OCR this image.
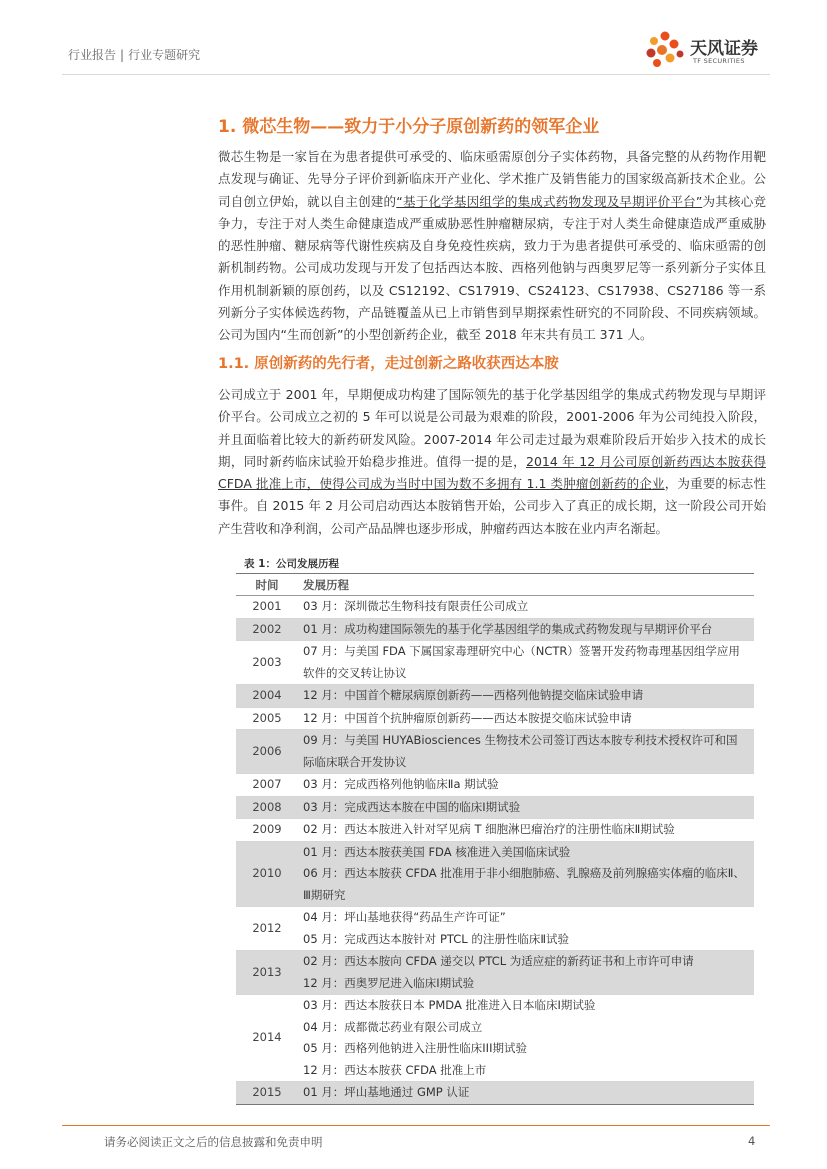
行业报告 | 行业专题研究	天风证券
TF SECURITIES
1. 微芯生物——致力于小分子原创新药的领军企业

微芯生物是一家旨在为患者提供可承受的、临床亟需原创分子实体药物，具备完整的从药物作用靶点发现与确证、先导分子评价到新临床开产业化、学术推广及销售能力的国家级高新技术企业。公司自创立伊始，就以自主创建的“基于化学基因组学的集成式药物发现及早期评价平台”为其核心竞争力，专注于对人类生命健康造成严重威胁恶性肿瘤糖尿病，专注于对人类生命健康造成严重威胁的恶性肿瘤、糖尿病等代谢性疾病及自身免疫性疾病，致力于为患者提供可承受的、临床亟需的创新机制药物。公司成功发现与开发了包括西达本胺、西格列他钠与西奥罗尼等一系列新分子实体且作用机制新颖的原创药，以及 CS12192、CS17919、CS24123、CS17938、CS27186 等一系列新分子实体候选药物，产品链覆盖从已上市销售到早期探索性研究的不同阶段、不同疾病领域。公司为国内“生而创新”的小型创新药企业，截至 2018 年末共有员工 371 人。

1.1. 原创新药的先行者，走过创新之路收获西达本胺

公司成立于 2001 年，早期便成功构建了国际领先的基于化学基因组学的集成式药物发现与早期评价平台。公司成立之初的 5 年可以说是公司最为艰难的阶段，2001-2006 年为公司纯投入阶段，并且面临着比较大的新药研发风险。2007-2014 年公司走过最为艰难阶段后开始步入技术的成长期，同时新药临床试验开始稳步推进。值得一提的是，2014 年 12 月公司原创新药西达本胺获得 CFDA 批准上市，使得公司成为当时中国为数不多拥有 1.1 类肿瘤创新药的企业，为重要的标志性事件。自 2015 年 2 月公司启动西达本胺销售开始，公司步入了真正的成长期，这一阶段公司开始产生营收和净利润，公司产品品牌也逐步形成，肿瘤药西达本胺在业内声名渐起。

表 1：公司发展历程
时间	发展历程
2001	03 月：深圳微芯生物科技有限责任公司成立

2002	01 月：成功构建国际领先的基于化学基因组学的集成式药物发现与早期评价平台

2003	07 月：与美国 FDA 下属国家毒理研究中心（NCTR）签署开发药物毒理基因组学应用软件的交叉转让协议

2004	12 月：中国首个糖尿病原创新药——西格列他钠提交临床试验申请

2005	12 月：中国首个抗肿瘤原创新药——西达本胺提交临床试验申请

2006	09 月：与美国 HUYABiosciences 生物技术公司签订西达本胺专利技术授权许可和国际临床联合开发协议

2007	03 月：完成西格列他钠临床Ⅱa 期试验

2008	03 月：完成西达本胺在中国的临床Ⅰ期试验

2009	02 月：西达本胺进入针对罕见病 T 细胞淋巴瘤治疗的注册性临床Ⅱ期试验

2010	01 月：西达本胺获美国 FDA 核准进入美国临床试验
06 月：西达本胺获 CFDA 批准用于非小细胞肺癌、乳腺癌及前列腺癌实体瘤的临床Ⅱ、Ⅲ期研究

2012	04 月：坪山基地获得“药品生产许可证”
05 月：完成西达本胺针对 PTCL 的注册性临床Ⅱ试验

2013	02 月：西达本胺向 CFDA 递交以 PTCL 为适应症的新药证书和上市许可申请
12 月：西奥罗尼进入临床Ⅰ期试验

2014	03 月：西达本胺获日本 PMDA 批准进入日本临床Ⅰ期试验
04 月：成都微芯药业有限公司成立
05 月：西格列他钠进入注册性临床III期试验
12 月：西达本胺获 CFDA 批准上市

2015	01 月：坪山基地通过 GMP 认证
请务必阅读正文之后的信息披露和免责申明	4
